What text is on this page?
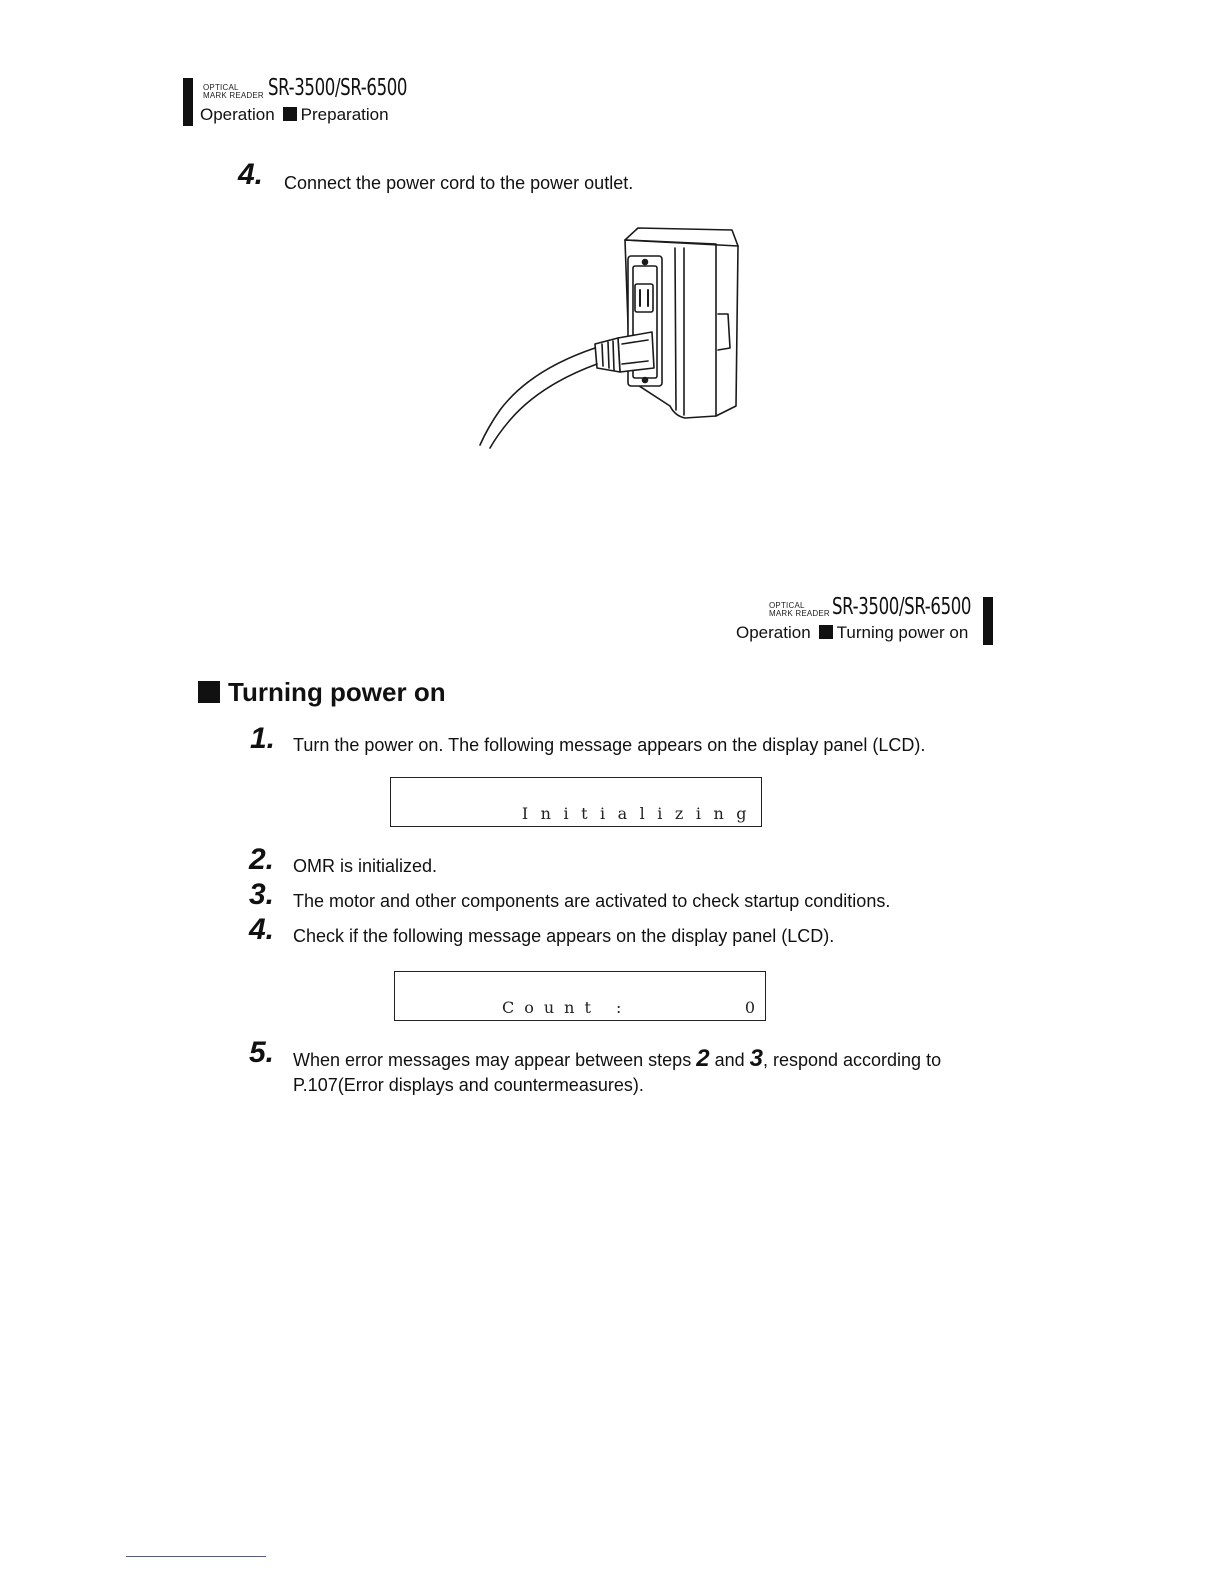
OPTICAL
MARK READER SR-3500/SR-6500
Operation Preparation
4. Connect the power cord to the power outlet.
OPTICAL
MARK READER SR-3500/SR-6500
Operation Turning power on
Turning power on
1. Turn the power on. The following message appears on the display panel (LCD).
Initializing
2. OMR is initialized.
3. The motor and other components are activated to check startup conditions.
4. Check if the following message appears on the display panel (LCD).
Count :	0
5. When error messages may appear between steps 2 and 3, respond according to
P.107(Error displays and countermeasures).
